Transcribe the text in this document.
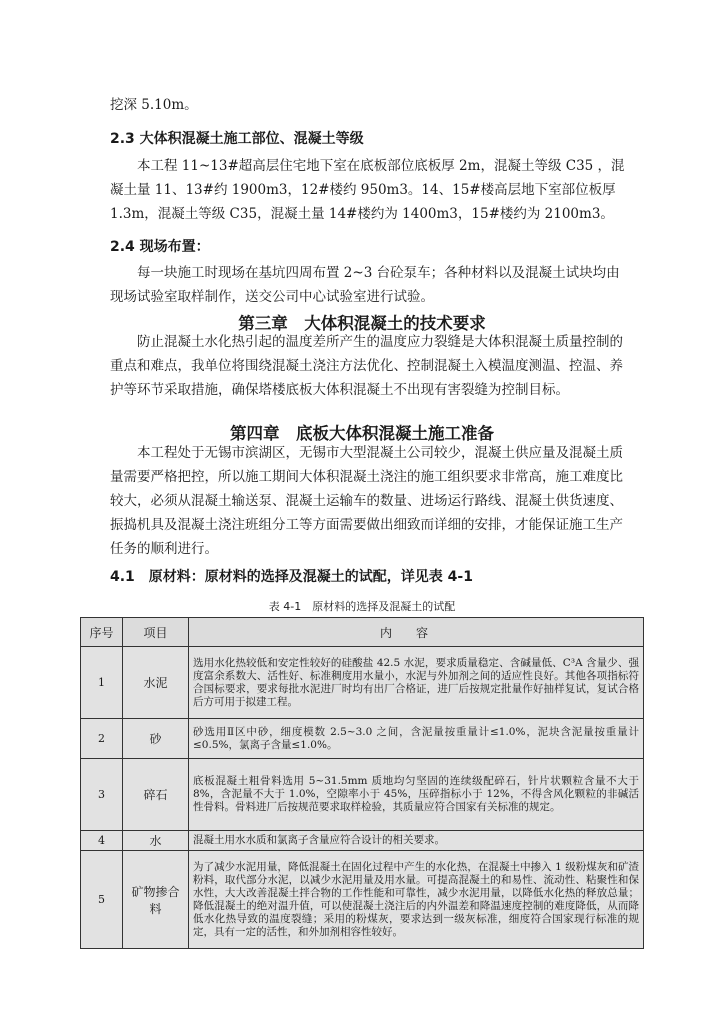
挖深 5.10m。

2.3 大体积混凝土施工部位、混凝土等级

本工程 11~13#超高层住宅地下室在底板部位底板厚 2m，混凝土等级 C35 ，混凝土量 11、13#约 1900m3，12#楼约 950m3。14、15#楼高层地下室部位板厚 1.3m，混凝土等级 C35，混凝土量 14#楼约为 1400m3，15#楼约为 2100m3。

2.4 现场布置：

每一块施工时现场在基坑四周布置 2~3 台砼泵车；各种材料以及混凝土试块均由现场试验室取样制作，送交公司中心试验室进行试验。

第三章　大体积混凝土的技术要求

防止混凝土水化热引起的温度差所产生的温度应力裂缝是大体积混凝土质量控制的重点和难点，我单位将围绕混凝土浇注方法优化、控制混凝土入模温度测温、控温、养护等环节采取措施，确保塔楼底板大体积混凝土不出现有害裂缝为控制目标。

第四章　底板大体积混凝土施工准备

本工程处于无锡市滨湖区，无锡市大型混凝土公司较少，混凝土供应量及混凝土质量需要严格把控，所以施工期间大体积混凝土浇注的施工组织要求非常高，施工难度比较大，必须从混凝土输送泵、混凝土运输车的数量、进场运行路线、混凝土供货速度、振捣机具及混凝土浇注班组分工等方面需要做出细致而详细的安排，才能保证施工生产任务的顺利进行。

4.1　原材料：原材料的选择及混凝土的试配，详见表 4-1

表 4-1　原材料的选择及混凝土的试配

序号	项目	内容
1	水泥	选用水化热较低和安定性较好的硅酸盐 42.5 水泥，要求质量稳定、含碱量低、C³A 含量少、强度富余系数大、活性好、标准稠度用水量小，水泥与外加剂之间的适应性良好。其他各项指标符合国标要求，要求每批水泥进厂时均有出厂合格证，进厂后按规定批量作好抽样复试，复试合格后方可用于拟建工程。
2	砂	砂选用Ⅱ区中砂，细度模数 2.5~3.0 之间，含泥量按重量计≤1.0%，泥块含泥量按重量计≤0.5%，氯离子含量≤1.0%。
3	碎石	底板混凝土粗骨料选用 5~31.5mm 质地均匀坚固的连续级配碎石，针片状颗粒含量不大于 8%，含泥量不大于 1.0%，空隙率小于 45%，压碎指标小于 12%，不得含风化颗粒的非碱活性骨料。骨料进厂后按规范要求取样检验，其质量应符合国家有关标准的规定。
4	水	混凝土用水水质和氯离子含量应符合设计的相关要求。
5	矿物掺合料	为了减少水泥用量，降低混凝土在固化过程中产生的水化热，在混凝土中掺入 1 级粉煤灰和矿渣粉料，取代部分水泥，以减少水泥用量及用水量。可提高混凝土的和易性、流动性、粘聚性和保水性，大大改善混凝土拌合物的工作性能和可靠性，减少水泥用量，以降低水化热的释放总量；降低混凝土的绝对温升值，可以使混凝土浇注后的内外温差和降温速度控制的难度降低，从而降低水化热导致的温度裂缝；采用的粉煤灰，要求达到一级灰标准，细度符合国家现行标准的规定，具有一定的活性，和外加剂相容性较好。
